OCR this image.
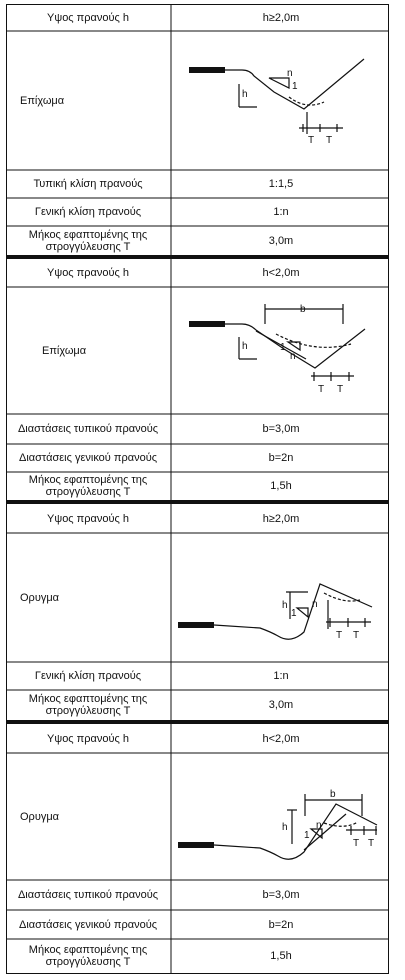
h
n
1
T T
h
b
1
n
T T
h
1
n
T T
h
b
1
n
T T
Υψος πρανούς h	h≥2,0m
Επίχωμα
Τυπική κλίση πρανούς	1:1,5
Γενική κλίση πρανούς	1:n
Μήκος εφαπτομένης της στρογγύλευσης Τ	3,0m
Υψος πρανούς h	h<2,0m
Επίχωμα
Διαστάσεις τυπικού πρανούς	b=3,0m
Διαστάσεις γενικού πρανούς	b=2n
Μήκος εφαπτομένης της στρογγύλευσης Τ	1,5h
Υψος πρανούς h	h≥2,0m
Ορυγμα
Γενική κλίση πρανούς	1:n
Μήκος εφαπτομένης της στρογγύλευσης Τ	3,0m
Υψος πρανούς h	h<2,0m
Ορυγμα
Διαστάσεις τυπικού πρανούς	b=3,0m
Διαστάσεις γενικού πρανούς	b=2n
Μήκος εφαπτομένης της στρογγύλευσης Τ	1,5h
